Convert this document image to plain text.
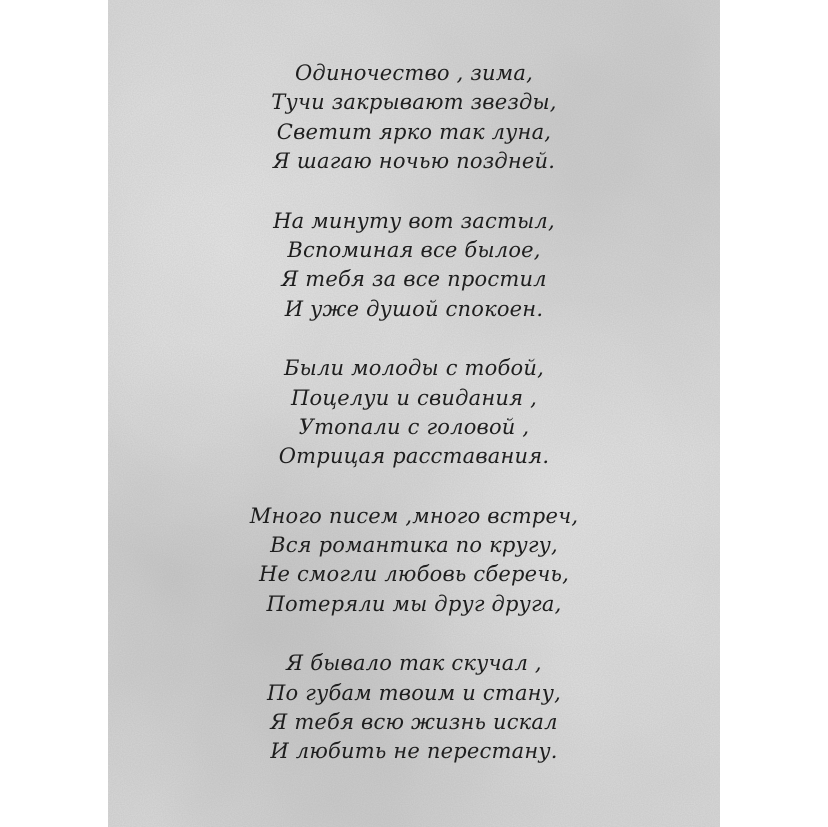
Одиночество , зима,
Тучи закрывают звезды,
Светит ярко так луна,
Я шагаю ночью поздней.
На минуту вот застыл,
Вспоминая все былое,
Я тебя за все простил
И уже душой спокоен.
Были молоды с тобой,
Поцелуи и свидания ,
Утопали с головой ,
Отрицая расставания.
Много писем ,много встреч,
Вся романтика по кругу,
Не смогли любовь сберечь,
Потеряли мы друг друга,
Я бывало так скучал ,
По губам твоим и стану,
Я тебя всю жизнь искал
И любить не перестану.
